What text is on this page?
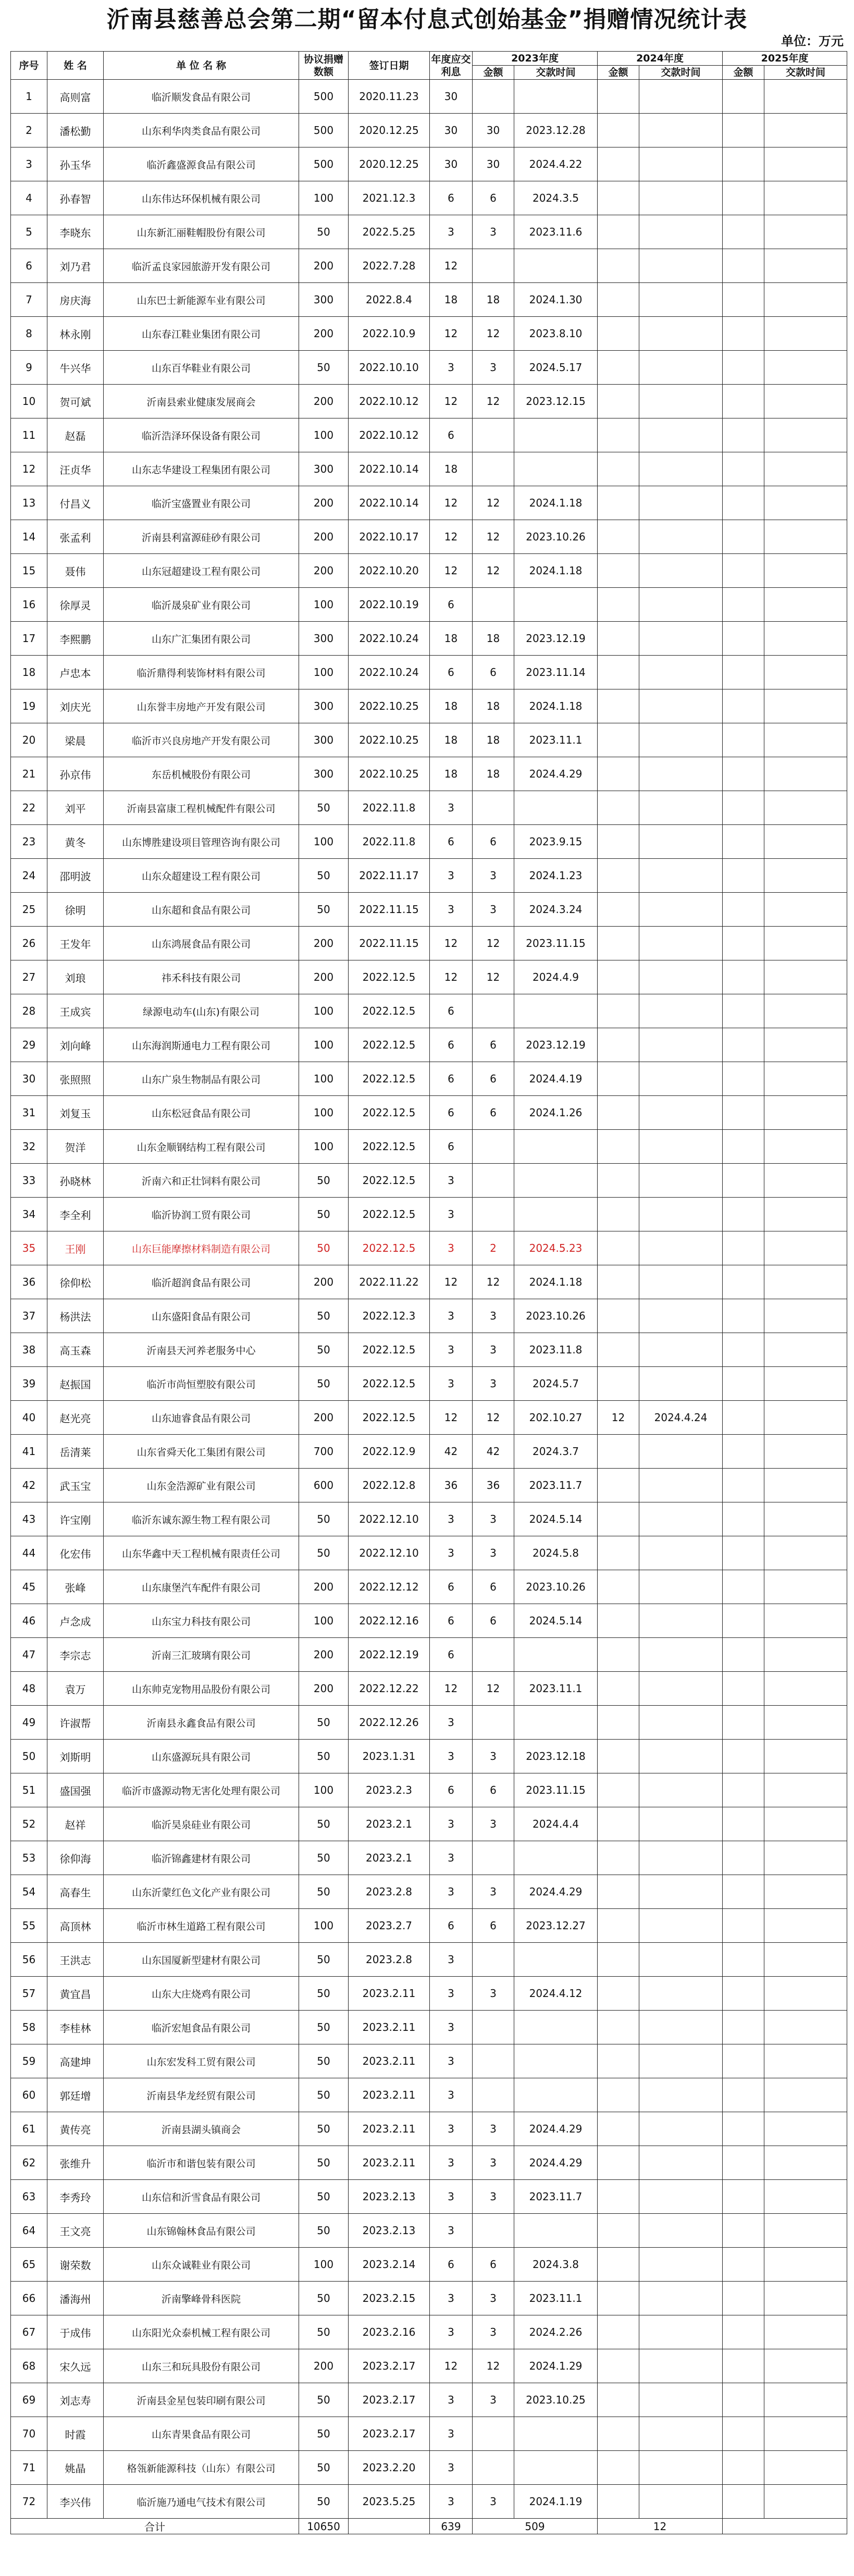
沂南县慈善总会第二期“留本付息式创始基金”捐赠情况统计表
单位：万元
序号	姓 名	单 位 名 称	协议捐赠数额	签订日期	年度应交利息	2023年度		2024年度		2025年度	
						金额	交款时间	金额	交款时间	金额	交款时间
1	高则富	临沂顺发食品有限公司	500	2020.11.23	30						
2	潘松勤	山东利华肉类食品有限公司	500	2020.12.25	30	30	2023.12.28				
3	孙玉华	临沂鑫盛源食品有限公司	500	2020.12.25	30	30	2024.4.22				
4	孙春智	山东伟达环保机械有限公司	100	2021.12.3	6	6	2024.3.5				
5	李晓东	山东新汇丽鞋帽股份有限公司	50	2022.5.25	3	3	2023.11.6				
6	刘乃君	临沂孟良家园旅游开发有限公司	200	2022.7.28	12						
7	房庆海	山东巴士新能源车业有限公司	300	2022.8.4	18	18	2024.1.30				
8	林永刚	山东春江鞋业集团有限公司	200	2022.10.9	12	12	2023.8.10				
9	牛兴华	山东百华鞋业有限公司	50	2022.10.10	3	3	2024.5.17				
10	贺可斌	沂南县索业健康发展商会	200	2022.10.12	12	12	2023.12.15				
11	赵磊	临沂浩泽环保设备有限公司	100	2022.10.12	6						
12	汪贞华	山东志华建设工程集团有限公司	300	2022.10.14	18						
13	付昌义	临沂宝盛置业有限公司	200	2022.10.14	12	12	2024.1.18				
14	张孟利	沂南县利富源硅砂有限公司	200	2022.10.17	12	12	2023.10.26				
15	聂伟	山东冠超建设工程有限公司	200	2022.10.20	12	12	2024.1.18				
16	徐厚灵	临沂晟泉矿业有限公司	100	2022.10.19	6						
17	李熙鹏	山东广汇集团有限公司	300	2022.10.24	18	18	2023.12.19				
18	卢忠本	临沂鼎得利装饰材料有限公司	100	2022.10.24	6	6	2023.11.14				
19	刘庆光	山东誉丰房地产开发有限公司	300	2022.10.25	18	18	2024.1.18				
20	梁晨	临沂市兴良房地产开发有限公司	300	2022.10.25	18	18	2023.11.1				
21	孙京伟	东岳机械股份有限公司	300	2022.10.25	18	18	2024.4.29				
22	刘平	沂南县富康工程机械配件有限公司	50	2022.11.8	3						
23	黄冬	山东博胜建设项目管理咨询有限公司	100	2022.11.8	6	6	2023.9.15				
24	邵明波	山东众超建设工程有限公司	50	2022.11.17	3	3	2024.1.23				
25	徐明	山东超和食品有限公司	50	2022.11.15	3	3	2024.3.24				
26	王发年	山东鸿展食品有限公司	200	2022.11.15	12	12	2023.11.15				
27	刘琅	祎禾科技有限公司	200	2022.12.5	12	12	2024.4.9				
28	王成宾	绿源电动车(山东)有限公司	100	2022.12.5	6						
29	刘向峰	山东海润斯通电力工程有限公司	100	2022.12.5	6	6	2023.12.19				
30	张照照	山东广泉生物制品有限公司	100	2022.12.5	6	6	2024.4.19				
31	刘复玉	山东松冠食品有限公司	100	2022.12.5	6	6	2024.1.26				
32	贺洋	山东金顺钢结构工程有限公司	100	2022.12.5	6						
33	孙晓林	沂南六和正壮饲料有限公司	50	2022.12.5	3						
34	李全利	临沂协润工贸有限公司	50	2022.12.5	3						
35	王刚	山东巨能摩擦材料制造有限公司	50	2022.12.5	3	2	2024.5.23				
36	徐仰松	临沂超润食品有限公司	200	2022.11.22	12	12	2024.1.18				
37	杨洪法	山东盛阳食品有限公司	50	2022.12.3	3	3	2023.10.26				
38	高玉森	沂南县天河养老服务中心	50	2022.12.5	3	3	2023.11.8				
39	赵振国	临沂市尚恒塑胶有限公司	50	2022.12.5	3	3	2024.5.7				
40	赵光亮	山东迪睿食品有限公司	200	2022.12.5	12	12	202.10.27	12	2024.4.24		
41	岳清莱	山东省舜天化工集团有限公司	700	2022.12.9	42	42	2024.3.7				
42	武玉宝	山东金浩源矿业有限公司	600	2022.12.8	36	36	2023.11.7				
43	许宝刚	临沂东诚东源生物工程有限公司	50	2022.12.10	3	3	2024.5.14				
44	化宏伟	山东华鑫中天工程机械有限责任公司	50	2022.12.10	3	3	2024.5.8				
45	张峰	山东康堡汽车配件有限公司	200	2022.12.12	6	6	2023.10.26				
46	卢念成	山东宝力科技有限公司	100	2022.12.16	6	6	2024.5.14				
47	李宗志	沂南三汇玻璃有限公司	200	2022.12.19	6						
48	袁万	山东帅克宠物用品股份有限公司	200	2022.12.22	12	12	2023.11.1				
49	许淑帮	沂南县永鑫食品有限公司	50	2022.12.26	3						
50	刘斯明	山东盛源玩具有限公司	50	2023.1.31	3	3	2023.12.18				
51	盛国强	临沂市盛源动物无害化处理有限公司	100	2023.2.3	6	6	2023.11.15				
52	赵祥	临沂昊泉硅业有限公司	50	2023.2.1	3	3	2024.4.4				
53	徐仰海	临沂锦鑫建材有限公司	50	2023.2.1	3						
54	高春生	山东沂蒙红色文化产业有限公司	50	2023.2.8	3	3	2024.4.29				
55	高顶林	临沂市林生道路工程有限公司	100	2023.2.7	6	6	2023.12.27				
56	王洪志	山东国厦新型建材有限公司	50	2023.2.8	3						
57	黄宜昌	山东大庄烧鸡有限公司	50	2023.2.11	3	3	2024.4.12				
58	李桂林	临沂宏旭食品有限公司	50	2023.2.11	3						
59	高建坤	山东宏发科工贸有限公司	50	2023.2.11	3						
60	郭廷增	沂南县华龙经贸有限公司	50	2023.2.11	3						
61	黄传亮	沂南县湖头镇商会	50	2023.2.11	3	3	2024.4.29				
62	张维升	临沂市和谐包装有限公司	50	2023.2.11	3	3	2024.4.29				
63	李秀玲	山东信和沂雪食品有限公司	50	2023.2.13	3	3	2023.11.7				
64	王文亮	山东锦翰林食品有限公司	50	2023.2.13	3						
65	谢荣数	山东众诚鞋业有限公司	100	2023.2.14	6	6	2024.3.8				
66	潘海州	沂南擎峰骨科医院	50	2023.2.15	3	3	2023.11.1				
67	于成伟	山东阳光众泰机械工程有限公司	50	2023.2.16	3	3	2024.2.26				
68	宋久远	山东三和玩具股份有限公司	200	2023.2.17	12	12	2024.1.29				
69	刘志寿	沂南县金星包装印刷有限公司	50	2023.2.17	3	3	2023.10.25				
70	时霞	山东青果食品有限公司	50	2023.2.17	3						
71	姚晶	格瓴新能源科技（山东）有限公司	50	2023.2.20	3						
72	李兴伟	临沂施乃通电气技术有限公司	50	2023.5.25	3	3	2024.1.19				
合计			10650		639	509		12			
